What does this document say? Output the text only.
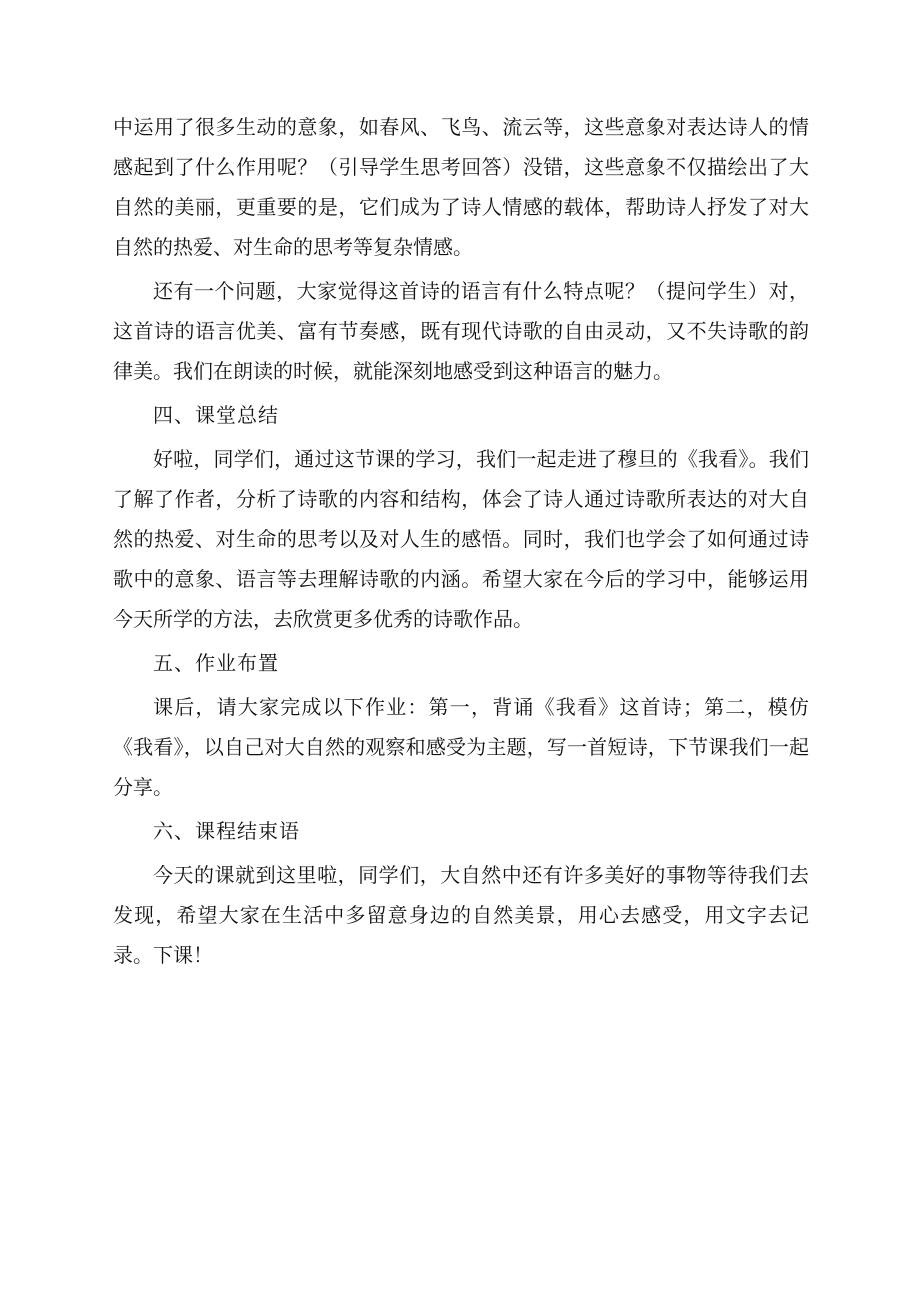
中运用了很多生动的意象，如春风、飞鸟、流云等，这些意象对表达诗人的情感起到了什么作用呢？（引导学生思考回答）没错，这些意象不仅描绘出了大自然的美丽，更重要的是，它们成为了诗人情感的载体，帮助诗人抒发了对大自然的热爱、对生命的思考等复杂情感。

还有一个问题，大家觉得这首诗的语言有什么特点呢？（提问学生）对，这首诗的语言优美、富有节奏感，既有现代诗歌的自由灵动，又不失诗歌的韵律美。我们在朗读的时候，就能深刻地感受到这种语言的魅力。

四、课堂总结

好啦，同学们，通过这节课的学习，我们一起走进了穆旦的《我看》。我们了解了作者，分析了诗歌的内容和结构，体会了诗人通过诗歌所表达的对大自然的热爱、对生命的思考以及对人生的感悟。同时，我们也学会了如何通过诗歌中的意象、语言等去理解诗歌的内涵。希望大家在今后的学习中，能够运用今天所学的方法，去欣赏更多优秀的诗歌作品。

五、作业布置

课后，请大家完成以下作业：第一，背诵《我看》这首诗；第二，模仿《我看》，以自己对大自然的观察和感受为主题，写一首短诗，下节课我们一起分享。

六、课程结束语

今天的课就到这里啦，同学们，大自然中还有许多美好的事物等待我们去发现，希望大家在生活中多留意身边的自然美景，用心去感受，用文字去记录。下课！
